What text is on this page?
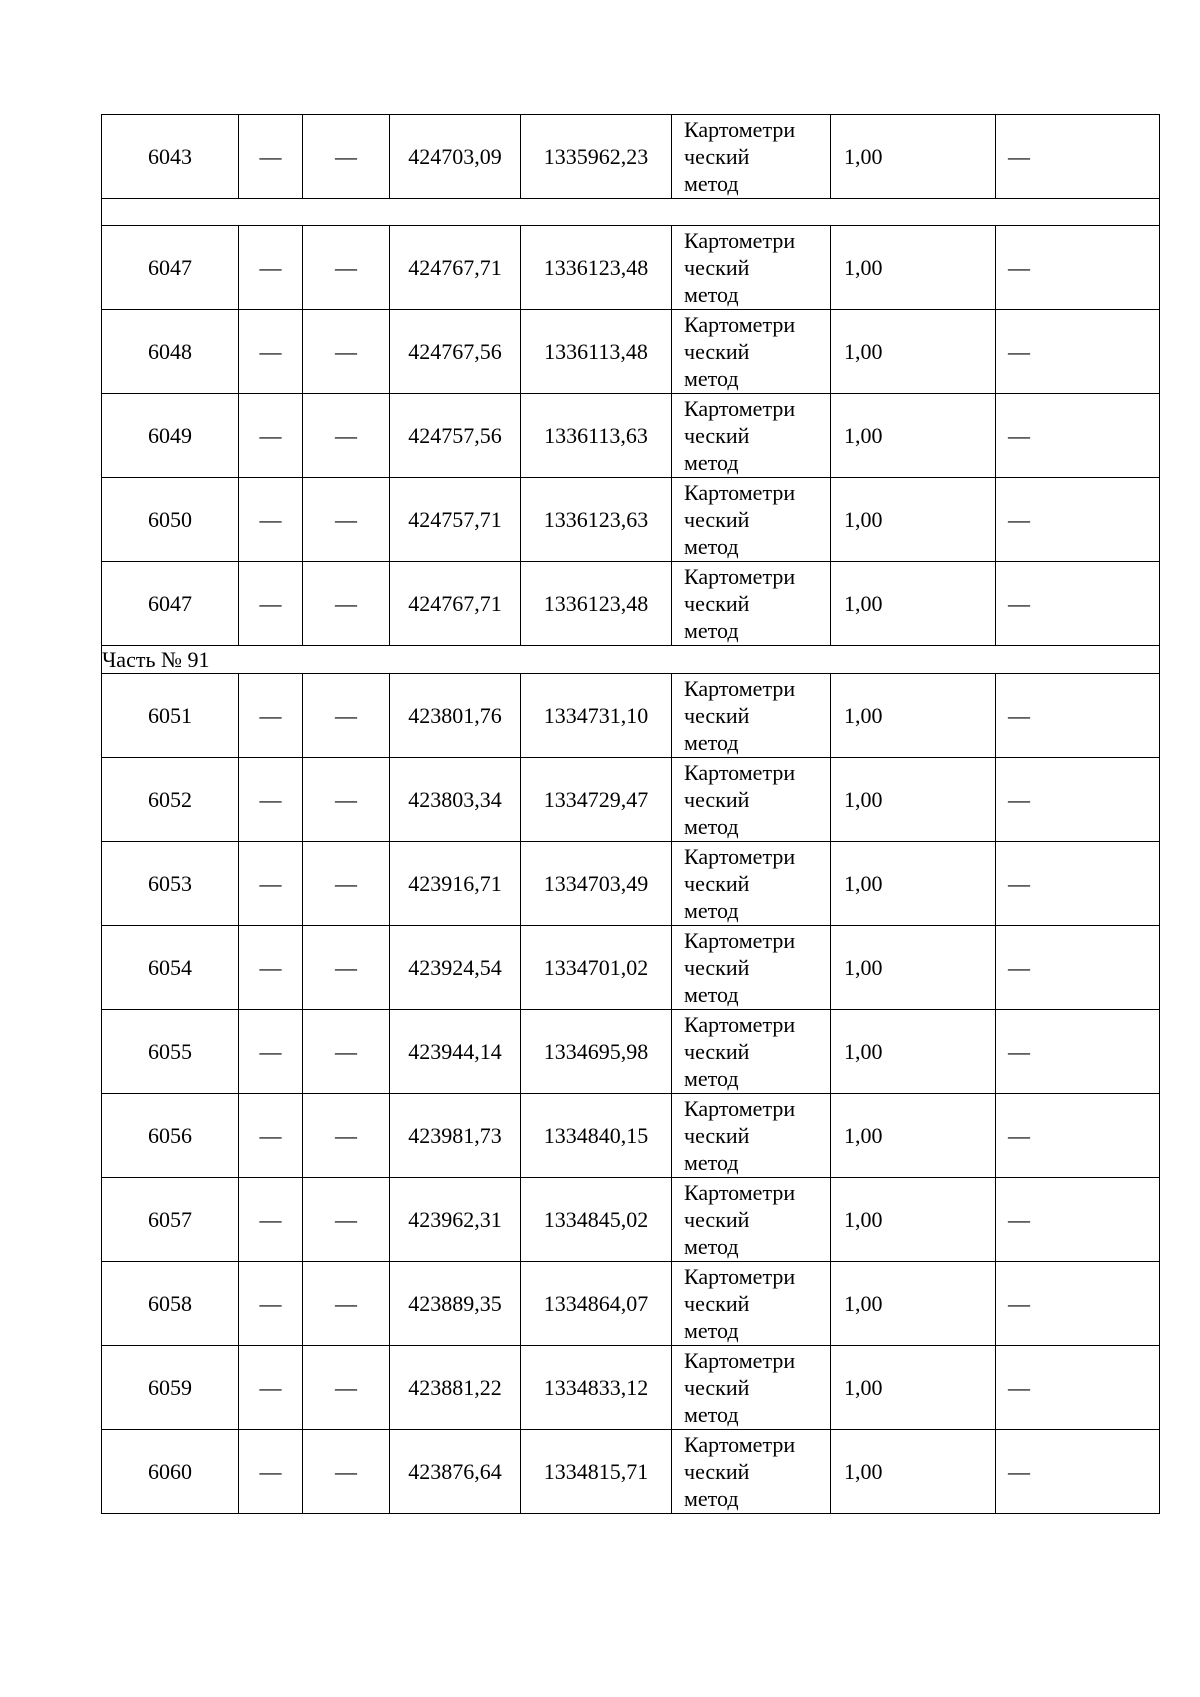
6043	—	—	424703,09	1335962,23	Картометри
ческий
метод	1,00	—

6047	—	—	424767,71	1336123,48	Картометри
ческий
метод	1,00	—
6048	—	—	424767,56	1336113,48	Картометри
ческий
метод	1,00	—
6049	—	—	424757,56	1336113,63	Картометри
ческий
метод	1,00	—
6050	—	—	424757,71	1336123,63	Картометри
ческий
метод	1,00	—
6047	—	—	424767,71	1336123,48	Картометри
ческий
метод	1,00	—
Часть № 91							
6051	—	—	423801,76	1334731,10	Картометри
ческий
метод	1,00	—
6052	—	—	423803,34	1334729,47	Картометри
ческий
метод	1,00	—
6053	—	—	423916,71	1334703,49	Картометри
ческий
метод	1,00	—
6054	—	—	423924,54	1334701,02	Картометри
ческий
метод	1,00	—
6055	—	—	423944,14	1334695,98	Картометри
ческий
метод	1,00	—
6056	—	—	423981,73	1334840,15	Картометри
ческий
метод	1,00	—
6057	—	—	423962,31	1334845,02	Картометри
ческий
метод	1,00	—
6058	—	—	423889,35	1334864,07	Картометри
ческий
метод	1,00	—
6059	—	—	423881,22	1334833,12	Картометри
ческий
метод	1,00	—
6060	—	—	423876,64	1334815,71	Картометри
ческий
метод	1,00	—
